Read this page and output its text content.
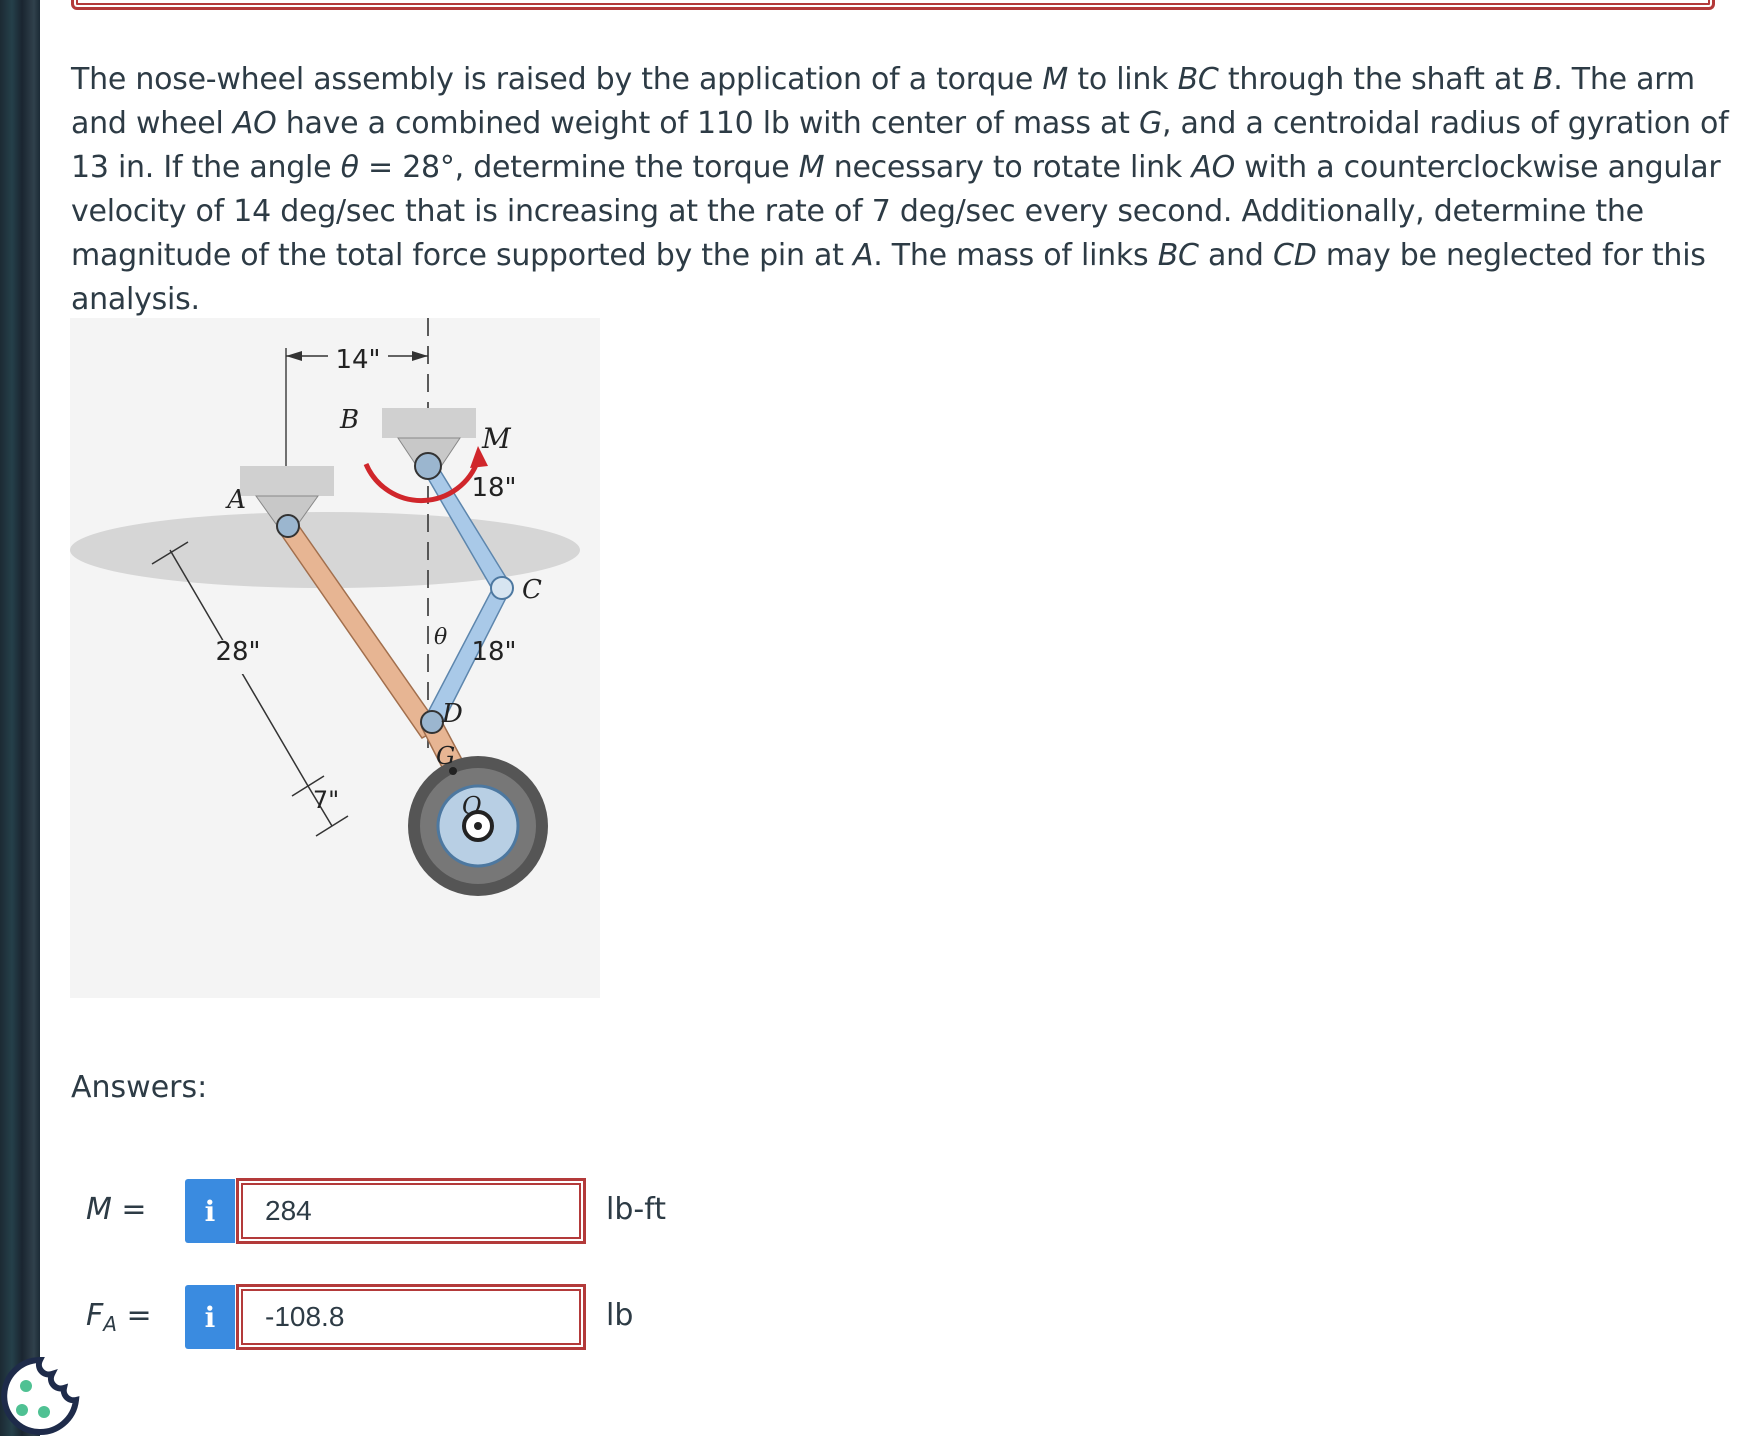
The nose-wheel assembly is raised by the application of a torque M to link BC through the shaft at B. The arm and wheel AO have a combined weight of 110 lb with center of mass at G, and a centroidal radius of gyration of 13 in. If the angle θ = 28°, determine the torque M necessary to rotate link AO with a counterclockwise angular velocity of 14 deg/sec that is increasing at the rate of 7 deg/sec every second. Additionally, determine the magnitude of the total force supported by the pin at A. The mass of links BC and CD may be neglected for this analysis.

14"
28"
7"
18"
18"
A
B
C
D
G
O
M
θ
Answers:
M = i
284	lb-ft
$F_A = i$
-108.8	lb
